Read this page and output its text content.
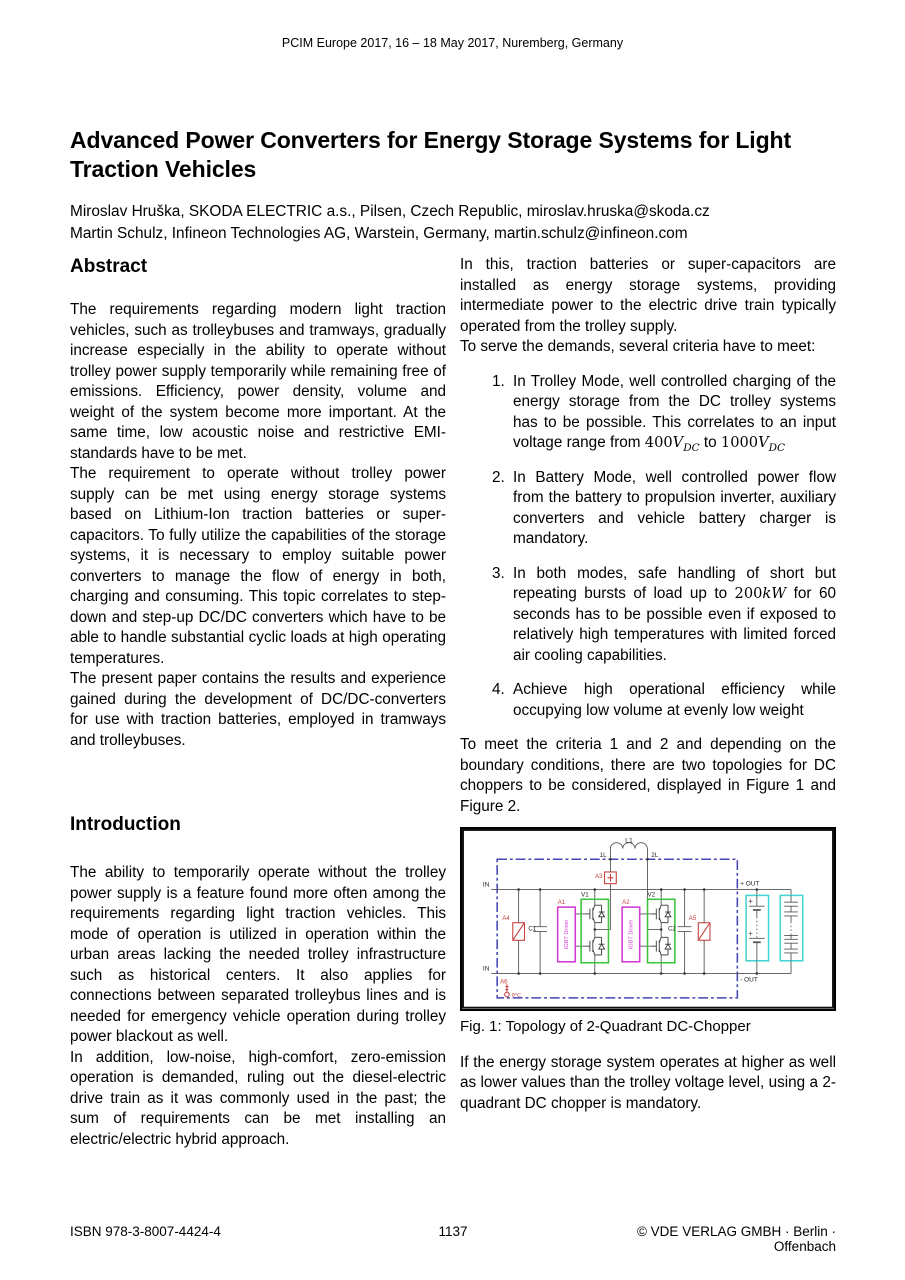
PCIM Europe 2017, 16 – 18 May 2017, Nuremberg, Germany
Advanced Power Converters for Energy Storage Systems for Light Traction Vehicles
Miroslav Hruška, SKODA ELECTRIC a.s., Pilsen, Czech Republic, miroslav.hruska@skoda.cz
Martin Schulz, Infineon Technologies AG, Warstein, Germany, martin.schulz@infineon.com
Abstract

The requirements regarding modern light traction vehicles, such as trolleybuses and tramways, gradually increase especially in the ability to operate without trolley power supply temporarily while remaining free of emissions. Efficiency, power density, volume and weight of the system become more important. At the same time, low acoustic noise and restrictive EMI-standards have to be met.

The requirement to operate without trolley power supply can be met using energy storage systems based on Lithium-Ion traction batteries or super-capacitors. To fully utilize the capabilities of the storage systems, it is necessary to employ suitable power converters to manage the flow of energy in both, charging and consuming. This topic correlates to step-down and step-up DC/DC converters which have to be able to handle substantial cyclic loads at high operating temperatures.

The present paper contains the results and experience gained during the development of DC/DC-converters for use with traction batteries, employed in tramways and trolleybuses.

Introduction

The ability to temporarily operate without the trolley power supply is a feature found more often among the requirements regarding light traction vehicles. This mode of operation is utilized in operation within the urban areas lacking the needed trolley infrastructure such as historical centers. It also applies for connections between separated trolleybus lines and is needed for emergency vehicle operation during trolley power blackout as well.

In addition, low-noise, high-comfort, zero-emission operation is demanded, ruling out the diesel-electric drive train as it was commonly used in the past; the sum of requirements can be met installing an electric/electric hybrid approach.

In this, traction batteries or super-capacitors are installed as energy storage systems, providing intermediate power to the electric drive train typically operated from the trolley supply.

To serve the demands, several criteria have to meet:

1. In Trolley Mode, well controlled charging of the energy storage from the DC trolley systems has to be possible. This correlates to an input voltage range from $400V_{DC}$ to $1000V_{DC}$
2. In Battery Mode, well controlled power flow from the battery to propulsion inverter, auxiliary converters and vehicle battery charger is mandatory.
3. In both modes, safe handling of short but repeating bursts of load up to 200kW for 60 seconds has to be possible even if exposed to relatively high temperatures with limited forced air cooling capabilities.
4. Achieve high operational efficiency while occupying low volume at evenly low weight

To meet the criteria 1 and 2 and depending on the boundary conditions, there are two topologies for DC choppers to be considered, displayed in Figure 1 and Figure 2.

IGBT Driver	IGBT Driver
L1
1L	2L
IN
IN
+ OUT
- OUT
C1	C2
V1	V2
A1	A2
A3
A4	A5
A6
ϑ°C
Fig. 1: Topology of 2-Quadrant DC-Chopper

If the energy storage system operates at higher as well as lower values than the trolley voltage level, using a 2-quadrant DC chopper is mandatory.

ISBN 978-3-8007-4424-4	1137	© VDE VERLAG GMBH · Berlin · Offenbach
